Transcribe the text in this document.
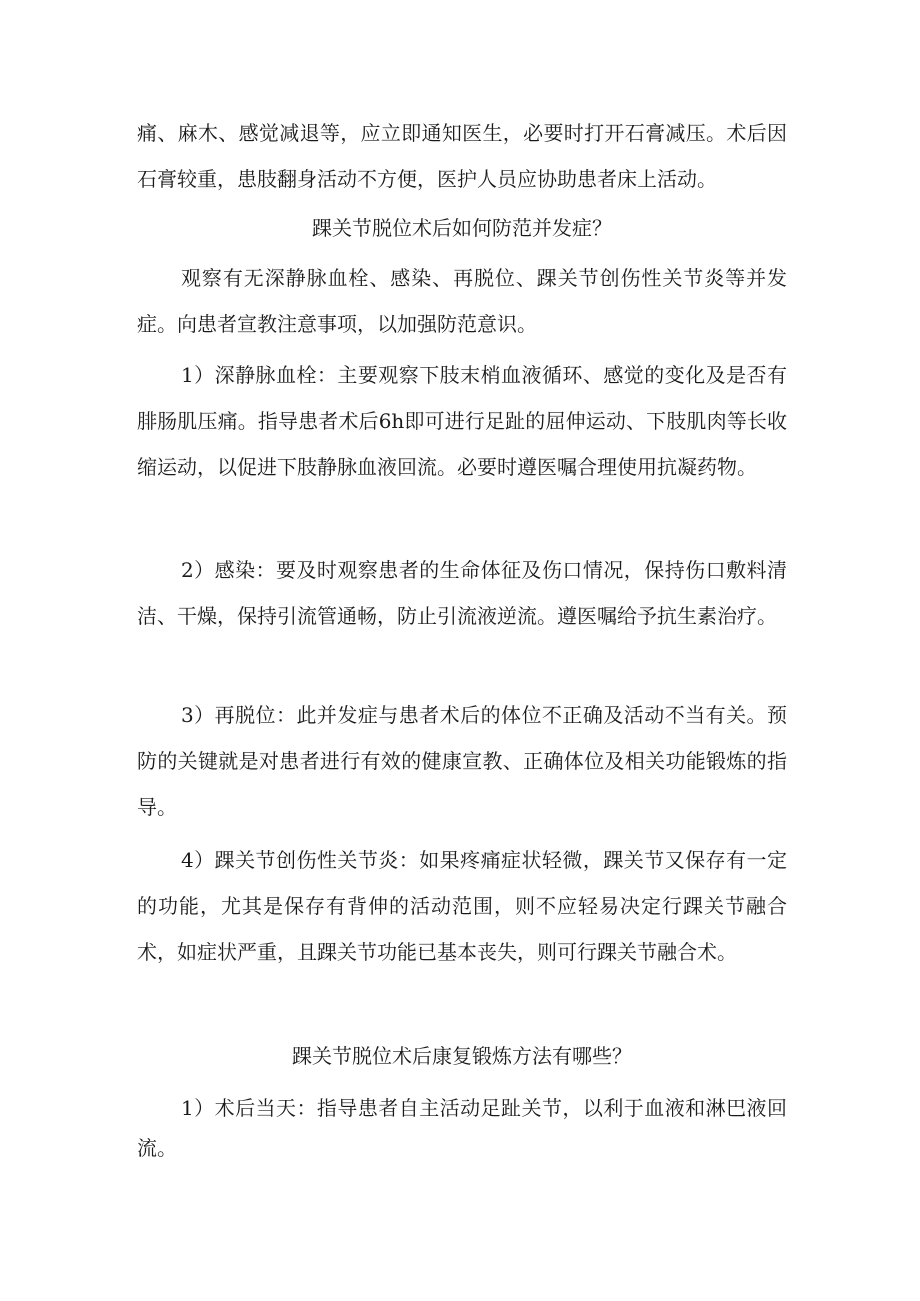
痛、麻木、感觉减退等，应立即通知医生，必要时打开石膏减压。术后因石膏较重，患肢翻身活动不方便，医护人员应协助患者床上活动。
踝关节脱位术后如何防范并发症？
观察有无深静脉血栓、感染、再脱位、踝关节创伤性关节炎等并发症。向患者宣教注意事项，以加强防范意识。
1）深静脉血栓：主要观察下肢末梢血液循环、感觉的变化及是否有腓肠肌压痛。指导患者术后6h即可进行足趾的屈伸运动、下肢肌肉等长收缩运动，以促进下肢静脉血液回流。必要时遵医嘱合理使用抗凝药物。
2）感染：要及时观察患者的生命体征及伤口情况，保持伤口敷料清洁、干燥，保持引流管通畅，防止引流液逆流。遵医嘱给予抗生素治疗。
3）再脱位：此并发症与患者术后的体位不正确及活动不当有关。预防的关键就是对患者进行有效的健康宣教、正确体位及相关功能锻炼的指导。
4）踝关节创伤性关节炎：如果疼痛症状轻微，踝关节又保存有一定的功能，尤其是保存有背伸的活动范围，则不应轻易决定行踝关节融合术，如症状严重，且踝关节功能已基本丧失，则可行踝关节融合术。
踝关节脱位术后康复锻炼方法有哪些？
1）术后当天：指导患者自主活动足趾关节，以利于血液和淋巴液回流。
